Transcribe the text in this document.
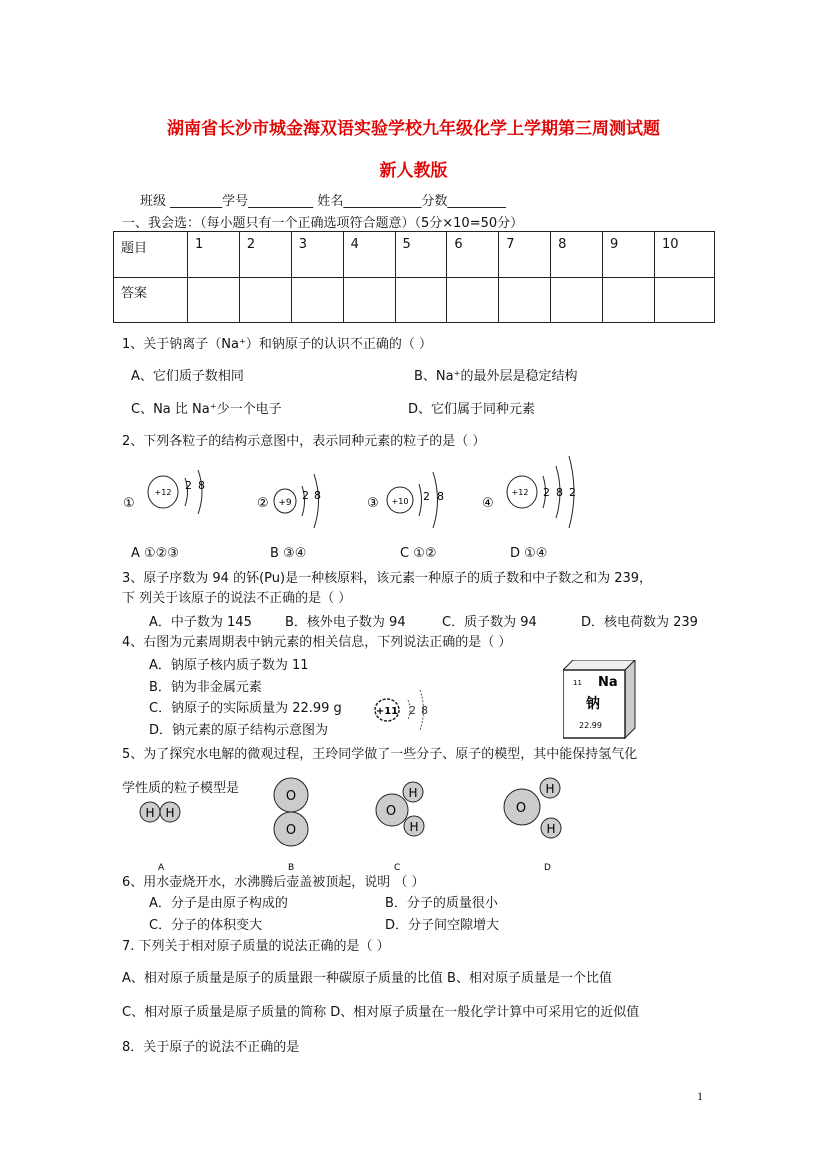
湖南省长沙市城金海双语实验学校九年级化学上学期第三周测试题
新人教版
班级 ________学号__________ 姓名____________分数_________
一、我会选：（每小题只有一个正确选项符合题意）（5分×10=50分）
题目	1	2	3	4	5	6	7	8	9	10
答案										
1、关于钠离子（Na⁺）和钠原子的认识不正确的（ ）
A、它们质子数相同	B、Na⁺的最外层是稳定结构
C、Na 比 Na⁺少一个电子	D、它们属于同种元素
2、下列各粒子的结构示意图中，表示同种元素的粒子的是（ ）
①
+12
2 8
② +9
2 8
③ +10 2 8	④
+12 2 8 2
A ①②③	B ③④	C ①②	D ①④
3、原子序数为 94 的钚(Pu)是一种核原料，该元素一种原子的质子数和中子数之和为 239，
下 列关于该原子的说法不正确的是（ ）
A．中子数为 145	B．核外电子数为 94	C．质子数为 94	D．核电荷数为 239
4、右图为元素周期表中钠元素的相关信息，下列说法正确的是（ ）
A．钠原子核内质子数为 11
B．钠为非金属元素
C．钠原子的实际质量为 22.99 g
D．钠元素的原子结构示意图为
+11 2 8
11 Na
钠
22.99
5、为了探究水电解的微观过程，王玲同学做了一些分子、原子的模型，其中能保持氢气化
学性质的粒子模型是
H H
A
O
O
B
O
H
H
C
O
H
H
D
6、用水壶烧开水，水沸腾后壶盖被顶起，说明 （ ）
A．分子是由原子构成的	B．分子的质量很小
C．分子的体积变大	D．分子间空隙增大
7. 下列关于相对原子质量的说法正确的是（ ）
A、相对原子质量是原子的质量跟一种碳原子质量的比值 B、相对原子质量是一个比值
C、相对原子质量是原子质量的简称 D、相对原子质量在一般化学计算中可采用它的近似值
8．关于原子的说法不正确的是
1
